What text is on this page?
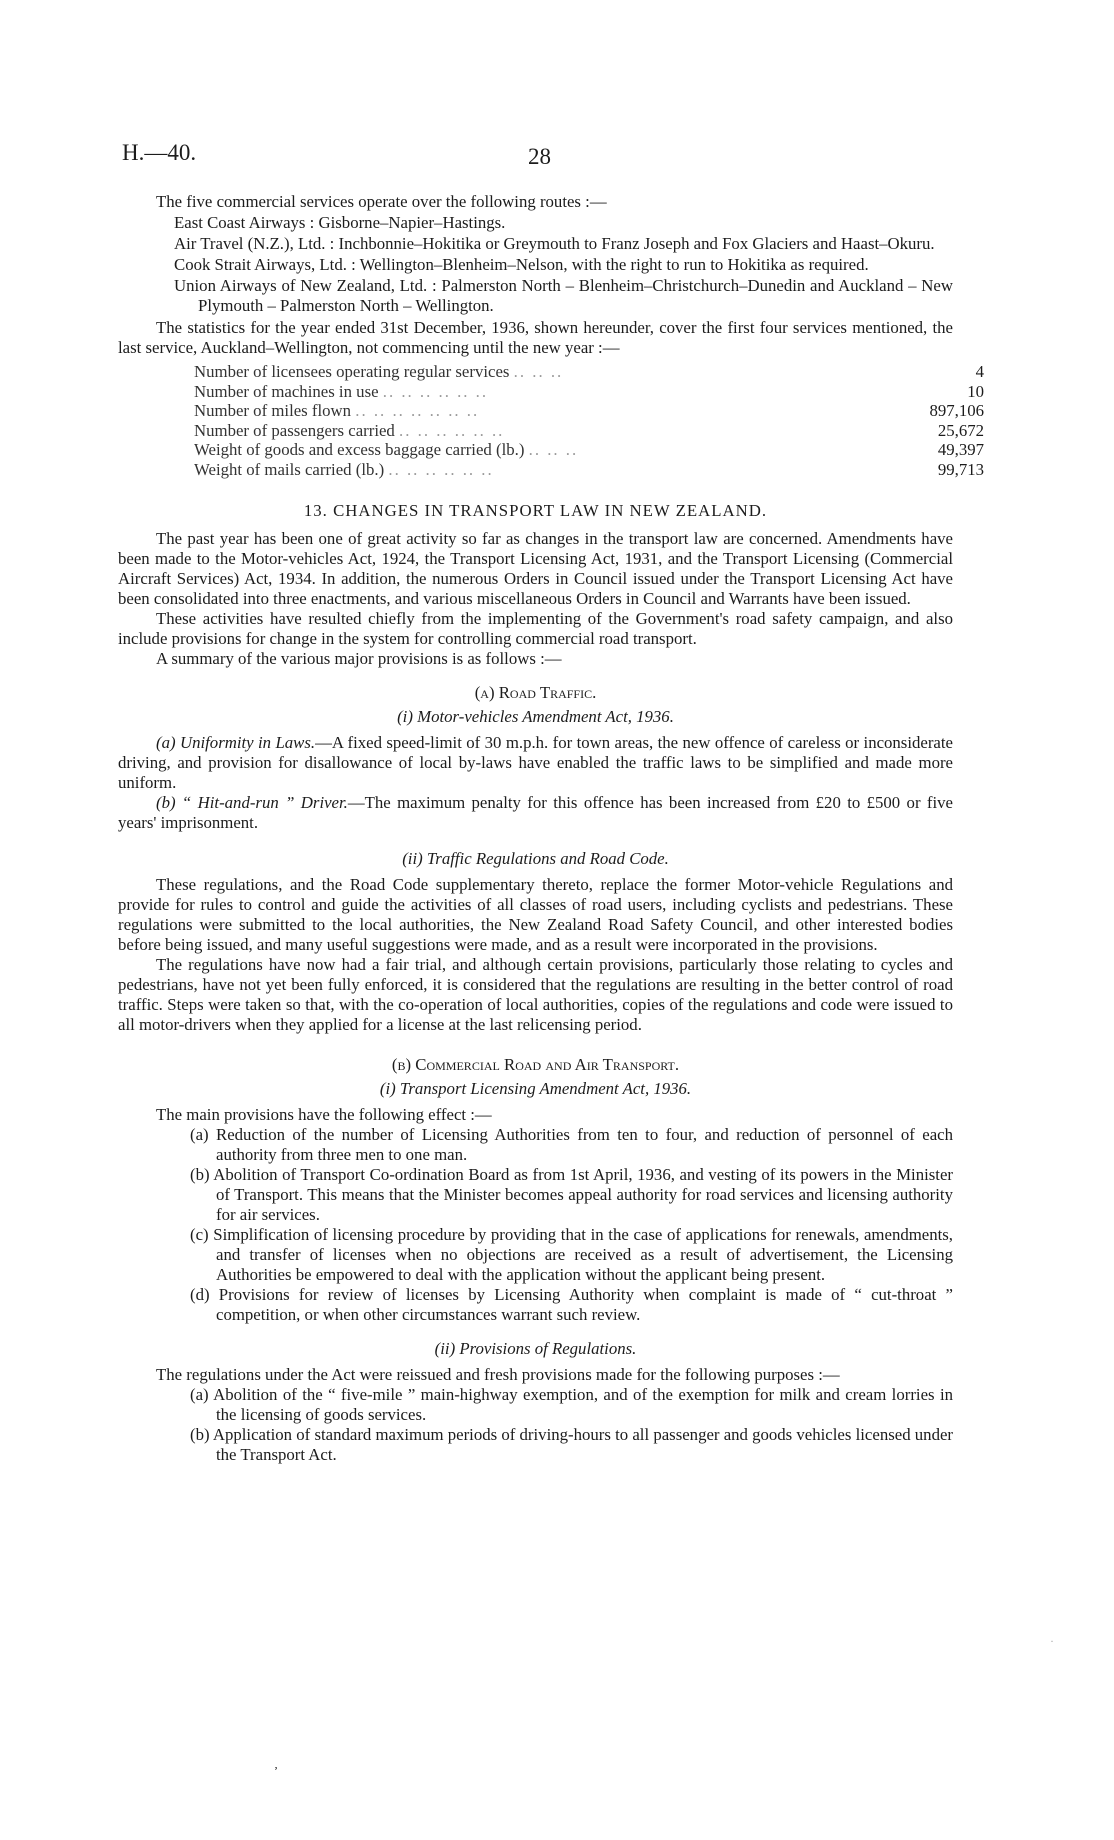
H.—40.	28

The five commercial services operate over the following routes :—

East Coast Airways : Gisborne–Napier–Hastings.

Air Travel (N.Z.), Ltd. : Inchbonnie–Hokitika or Greymouth to Franz Joseph and Fox Glaciers and Haast–Okuru.

Cook Strait Airways, Ltd. : Wellington–Blenheim–Nelson, with the right to run to Hokitika as required.

Union Airways of New Zealand, Ltd. : Palmerston North – Blenheim–Christchurch–Dunedin and Auckland – New Plymouth – Palmerston North – Wellington.

The statistics for the year ended 31st December, 1936, shown hereunder, cover the first four services mentioned, the last service, Auckland–Wellington, not commencing until the new year :—

Number of licensees operating regular services .. .. ..	4
Number of machines in use .. .. .. .. .. ..	10
Number of miles flown .. .. .. .. .. .. ..	897,106
Number of passengers carried .. .. .. .. .. ..	25,672
Weight of goods and excess baggage carried (lb.) .. .. ..	49,397
Weight of mails carried (lb.) .. .. .. .. .. ..	99,713
13. CHANGES IN TRANSPORT LAW IN NEW ZEALAND.

The past year has been one of great activity so far as changes in the transport law are concerned. Amendments have been made to the Motor-vehicles Act, 1924, the Transport Licensing Act, 1931, and the Transport Licensing (Commercial Aircraft Services) Act, 1934. In addition, the numerous Orders in Council issued under the Transport Licensing Act have been consolidated into three enactments, and various miscellaneous Orders in Council and Warrants have been issued.

These activities have resulted chiefly from the implementing of the Government's road safety campaign, and also include provisions for change in the system for controlling commercial road transport.

A summary of the various major provisions is as follows :—

(a) Road Traffic.
(i) Motor-vehicles Amendment Act, 1936.

(a) Uniformity in Laws.—A fixed speed-limit of 30 m.p.h. for town areas, the new offence of careless or inconsiderate driving, and provision for disallowance of local by-laws have enabled the traffic laws to be simplified and made more uniform.

(b) “ Hit-and-run ” Driver.—The maximum penalty for this offence has been increased from £20 to £500 or five years' imprisonment.

(ii) Traffic Regulations and Road Code.

These regulations, and the Road Code supplementary thereto, replace the former Motor-vehicle Regulations and provide for rules to control and guide the activities of all classes of road users, including cyclists and pedestrians. These regulations were submitted to the local authorities, the New Zealand Road Safety Council, and other interested bodies before being issued, and many useful suggestions were made, and as a result were incorporated in the provisions.

The regulations have now had a fair trial, and although certain provisions, particularly those relating to cycles and pedestrians, have not yet been fully enforced, it is considered that the regulations are resulting in the better control of road traffic. Steps were taken so that, with the co-operation of local authorities, copies of the regulations and code were issued to all motor-drivers when they applied for a license at the last relicensing period.

(b) Commercial Road and Air Transport.
(i) Transport Licensing Amendment Act, 1936.

The main provisions have the following effect :—

(a) Reduction of the number of Licensing Authorities from ten to four, and reduction of personnel of each authority from three men to one man.

(b) Abolition of Transport Co-ordination Board as from 1st April, 1936, and vesting of its powers in the Minister of Transport. This means that the Minister becomes appeal authority for road services and licensing authority for air services.

(c) Simplification of licensing procedure by providing that in the case of applications for renewals, amendments, and transfer of licenses when no objections are received as a result of advertisement, the Licensing Authorities be empowered to deal with the application without the applicant being present.

(d) Provisions for review of licenses by Licensing Authority when complaint is made of “ cut-throat ” competition, or when other circumstances warrant such review.

(ii) Provisions of Regulations.

The regulations under the Act were reissued and fresh provisions made for the following purposes :—

(a) Abolition of the “ five-mile ” main-highway exemption, and of the exemption for milk and cream lorries in the licensing of goods services.

(b) Application of standard maximum periods of driving-hours to all passenger and goods vehicles licensed under the Transport Act.

ʼ
·
